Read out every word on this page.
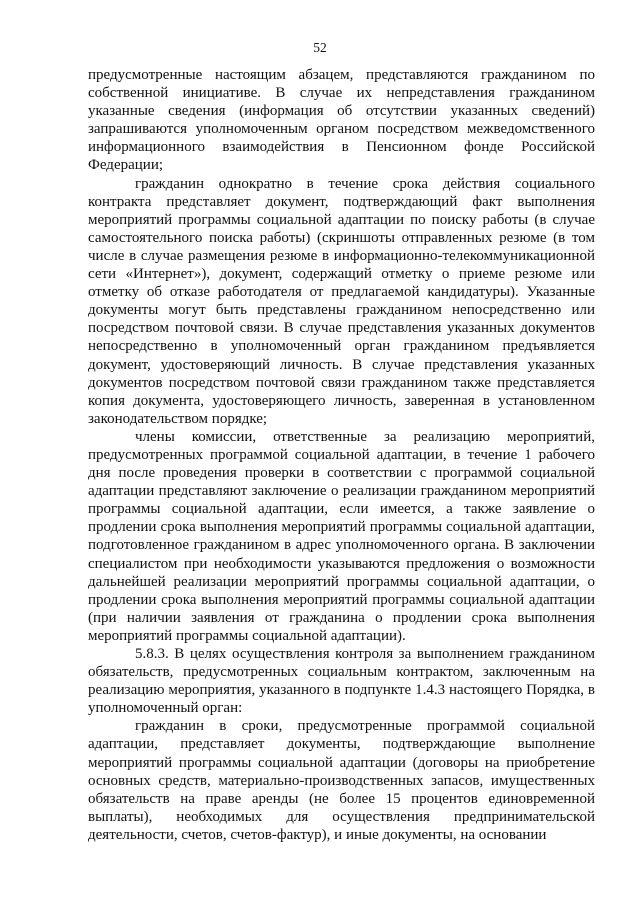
52

предусмотренные настоящим абзацем, представляются гражданином по собственной инициативе. В случае их непредставления гражданином указанные сведения (информация об отсутствии указанных сведений) запрашиваются уполномоченным органом посредством межведомственного информационного взаимодействия в Пенсионном фонде Российской Федерации;

гражданин однократно в течение срока действия социального контракта представляет документ, подтверждающий факт выполнения мероприятий программы социальной адаптации по поиску работы (в случае самостоятельного поиска работы) (скриншоты отправленных резюме (в том числе в случае размещения резюме в информационно-телекоммуникационной сети «Интернет»), документ, содержащий отметку о приеме резюме или отметку об отказе работодателя от предлагаемой кандидатуры). Указанные документы могут быть представлены гражданином непосредственно или посредством почтовой связи. В случае представления указанных документов непосредственно в уполномоченный орган гражданином предъявляется документ, удостоверяющий личность. В случае представления указанных документов посредством почтовой связи гражданином также представляется копия документа, удостоверяющего личность, заверенная в установленном законодательством порядке;

члены комиссии, ответственные за реализацию мероприятий, предусмотренных программой социальной адаптации, в течение 1 рабочего дня после проведения проверки в соответствии с программой социальной адаптации представляют заключение о реализации гражданином мероприятий программы социальной адаптации, если имеется, а также заявление о продлении срока выполнения мероприятий программы социальной адаптации, подготовленное гражданином в адрес уполномоченного органа. В заключении специалистом при необходимости указываются предложения о возможности дальнейшей реализации мероприятий программы социальной адаптации, о продлении срока выполнения мероприятий программы социальной адаптации (при наличии заявления от гражданина о продлении срока выполнения мероприятий программы социальной адаптации).

5.8.3. В целях осуществления контроля за выполнением гражданином обязательств, предусмотренных социальным контрактом, заключенным на реализацию мероприятия, указанного в подпункте 1.4.3 настоящего Порядка, в уполномоченный орган:

гражданин в сроки, предусмотренные программой социальной адаптации, представляет документы, подтверждающие выполнение мероприятий программы социальной адаптации (договоры на приобретение основных средств, материально-производственных запасов, имущественных обязательств на праве аренды (не более 15 процентов единовременной выплаты), необходимых для осуществления предпринимательской деятельности, счетов, счетов-фактур), и иные документы, на основании
